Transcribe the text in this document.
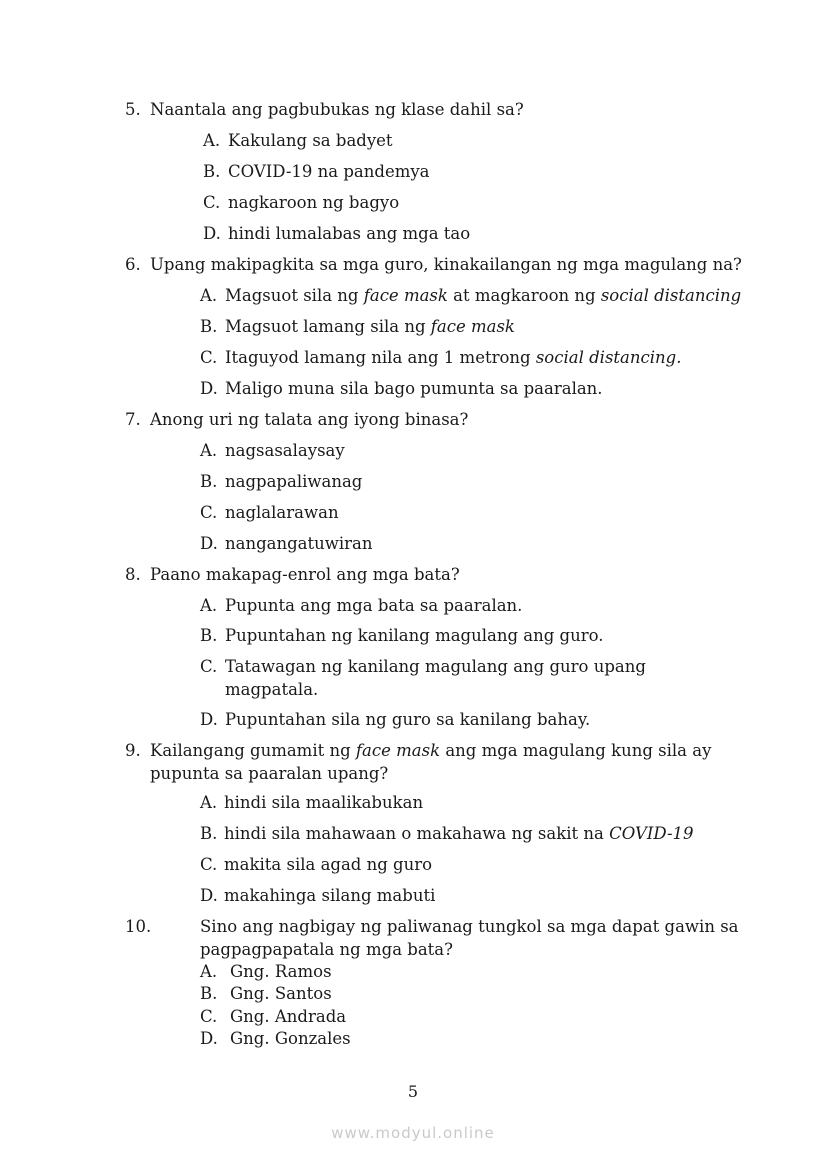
5. Naantala ang pagbubukas ng klase dahil sa?
A. Kakulang sa badyet
B. COVID-19 na pandemya
C. nagkaroon ng bagyo
D. hindi lumalabas ang mga tao
6. Upang makipagkita sa mga guro, kinakailangan ng mga magulang na?
A. Magsuot sila ng face mask at magkaroon ng social distancing
B. Magsuot lamang sila ng face mask
C. Itaguyod lamang nila ang 1 metrong social distancing.
D. Maligo muna sila bago pumunta sa paaralan.
7. Anong uri ng talata ang iyong binasa?
A. nagsasalaysay
B. nagpapaliwanag
C. naglalarawan
D. nangangatuwiran
8. Paano makapag-enrol ang mga bata?
A. Pupunta ang mga bata sa paaralan.
B. Pupuntahan ng kanilang magulang ang guro.
C. Tatawagan ng kanilang magulang ang guro upang
magpatala.
D. Pupuntahan sila ng guro sa kanilang bahay.
9. Kailangang gumamit ng face mask ang mga magulang kung sila ay
pupunta sa paaralan upang?
A. hindi sila maalikabukan
B. hindi sila mahawaan o makahawa ng sakit na COVID-19
C. makita sila agad ng guro
D. makahinga silang mabuti
10.	Sino ang nagbigay ng paliwanag tungkol sa mga dapat gawin sa
pagpagpapatala ng mga bata?
A. Gng. Ramos
B. Gng. Santos
C. Gng. Andrada
D. Gng. Gonzales
5
www.modyul.online
